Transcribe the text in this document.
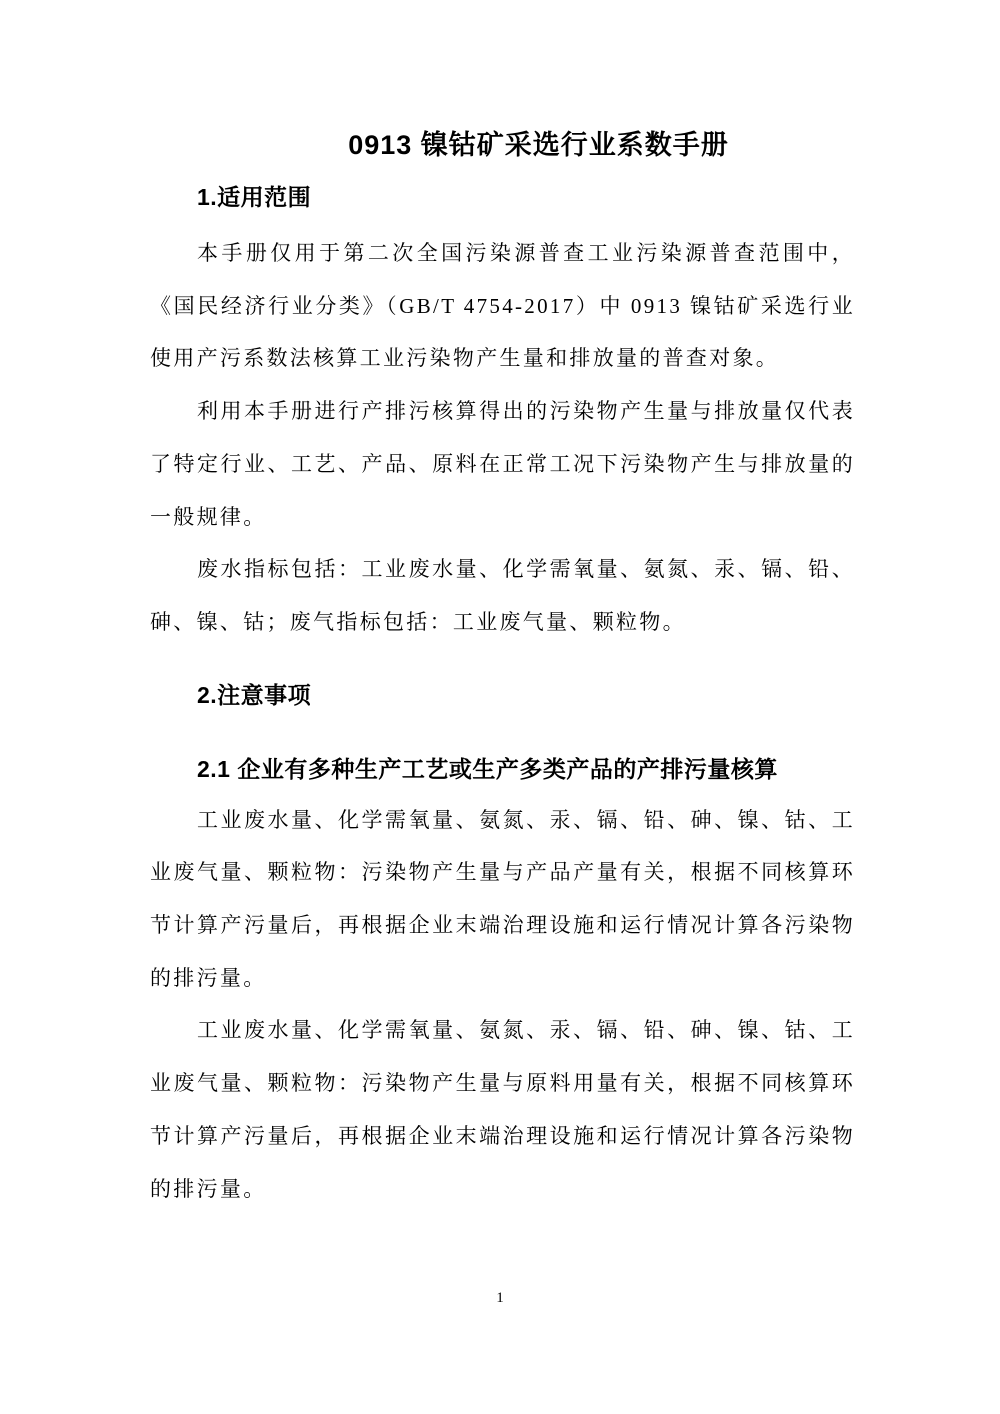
0913 镍钴矿采选行业系数手册
1.适用范围

本手册仅用于第二次全国污染源普查工业污染源普查范围中，《国民经济行业分类》（GB/T 4754-2017）中 0913 镍钴矿采选行业使用产污系数法核算工业污染物产生量和排放量的普查对象。

利用本手册进行产排污核算得出的污染物产生量与排放量仅代表了特定行业、工艺、产品、原料在正常工况下污染物产生与排放量的一般规律。

废水指标包括：工业废水量、化学需氧量、氨氮、汞、镉、铅、砷、镍、钴；废气指标包括：工业废气量、颗粒物。

2.注意事项
2.1 企业有多种生产工艺或生产多类产品的产排污量核算

工业废水量、化学需氧量、氨氮、汞、镉、铅、砷、镍、钴、工业废气量、颗粒物：污染物产生量与产品产量有关，根据不同核算环节计算产污量后，再根据企业末端治理设施和运行情况计算各污染物的排污量。

工业废水量、化学需氧量、氨氮、汞、镉、铅、砷、镍、钴、工业废气量、颗粒物：污染物产生量与原料用量有关，根据不同核算环节计算产污量后，再根据企业末端治理设施和运行情况计算各污染物的排污量。

1
